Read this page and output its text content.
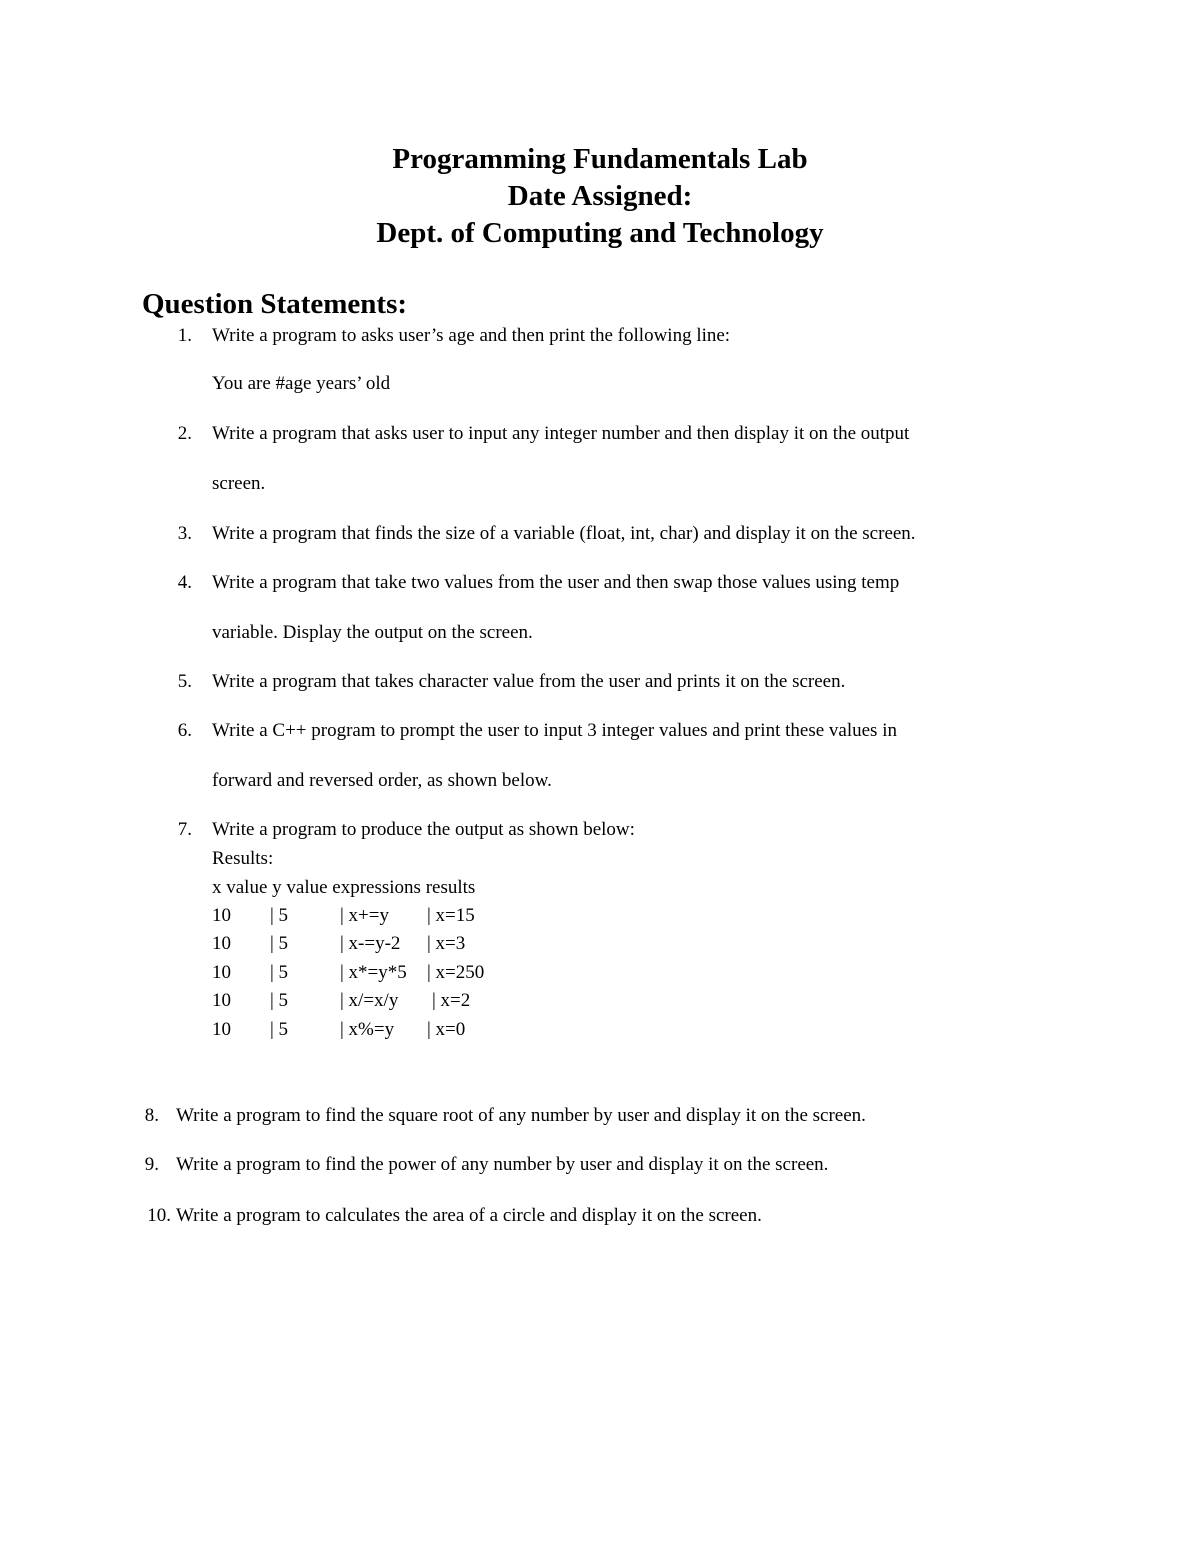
Programming Fundamentals Lab
Date Assigned:
Dept. of Computing and Technology
Question Statements:
1. Write a program to asks user’s age and then print the following line:
You are #age years’ old
2. Write a program that asks user to input any integer number and then display it on the output
screen.
3. Write a program that finds the size of a variable (float, int, char) and display it on the screen.
4. Write a program that take two values from the user and then swap those values using temp
variable. Display the output on the screen.
5. Write a program that takes character value from the user and prints it on the screen.
6. Write a C++ program to prompt the user to input 3 integer values and print these values in
forward and reversed order, as shown below.
7. Write a program to produce the output as shown below:
Results:
x value y value expressions results
10 | 5	| x+=y | x=15
10 | 5	| x-=y-2 | x=3
10 | 5	| x*=y*5 | x=250
10 | 5	| x/=x/y | x=2
10 | 5	| x%=y | x=0
8. Write a program to find the square root of any number by user and display it on the screen.
9. Write a program to find the power of any number by user and display it on the screen.
10. Write a program to calculates the area of a circle and display it on the screen.
